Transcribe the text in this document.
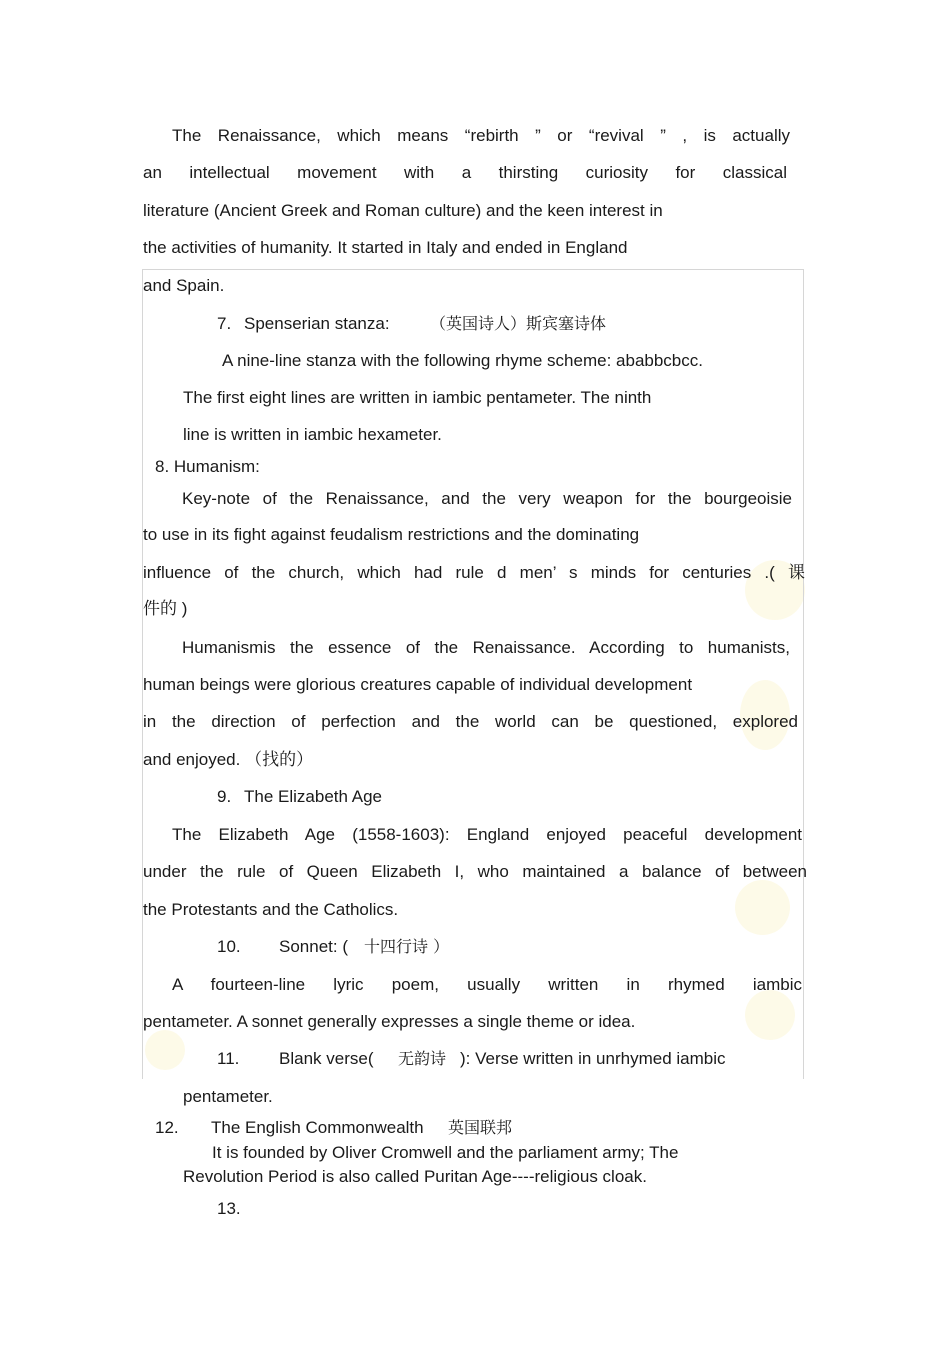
The Renaissance, which means “rebirth ” or “revival ” , is actually
an intellectual movement with a thirsting curiosity for classical
literature (Ancient Greek and Roman culture) and the keen interest in
the activities of humanity. It started in Italy and ended in England
and Spain.
7. Spenserian stanza:	（英国诗人）斯宾塞诗体
A nine-line stanza with the following rhyme scheme: ababbcbcc.
The first eight lines are written in iambic pentameter. The ninth
line is written in iambic hexameter.
8. Humanism:
Key-note of the Renaissance, and the very weapon for the bourgeoisie
to use in its fight against feudalism restrictions and the dominating
influence of the church, which had rule d men’ s minds for centuries .( 课
件的 )
Humanismis the essence of the Renaissance. According to humanists,
human beings were glorious creatures capable of individual development
in the direction of perfection and the world can be questioned, explored
and enjoyed. （找的）
9. The Elizabeth Age
The Elizabeth Age (1558-1603): England enjoyed peaceful development
under the rule of Queen Elizabeth I, who maintained a balance of between
the Protestants and the Catholics.
10. Sonnet: ( 十四行诗 ）
A fourteen-line lyric poem, usually written in rhymed iambic
pentameter. A sonnet generally expresses a single theme or idea.
11. Blank verse( 无韵诗 ): Verse written in unrhymed iambic
pentameter.
12. The English Commonwealth 英国联邦
It is founded by Oliver Cromwell and the parliament army; The
Revolution Period is also called Puritan Age----religious cloak.
13.
